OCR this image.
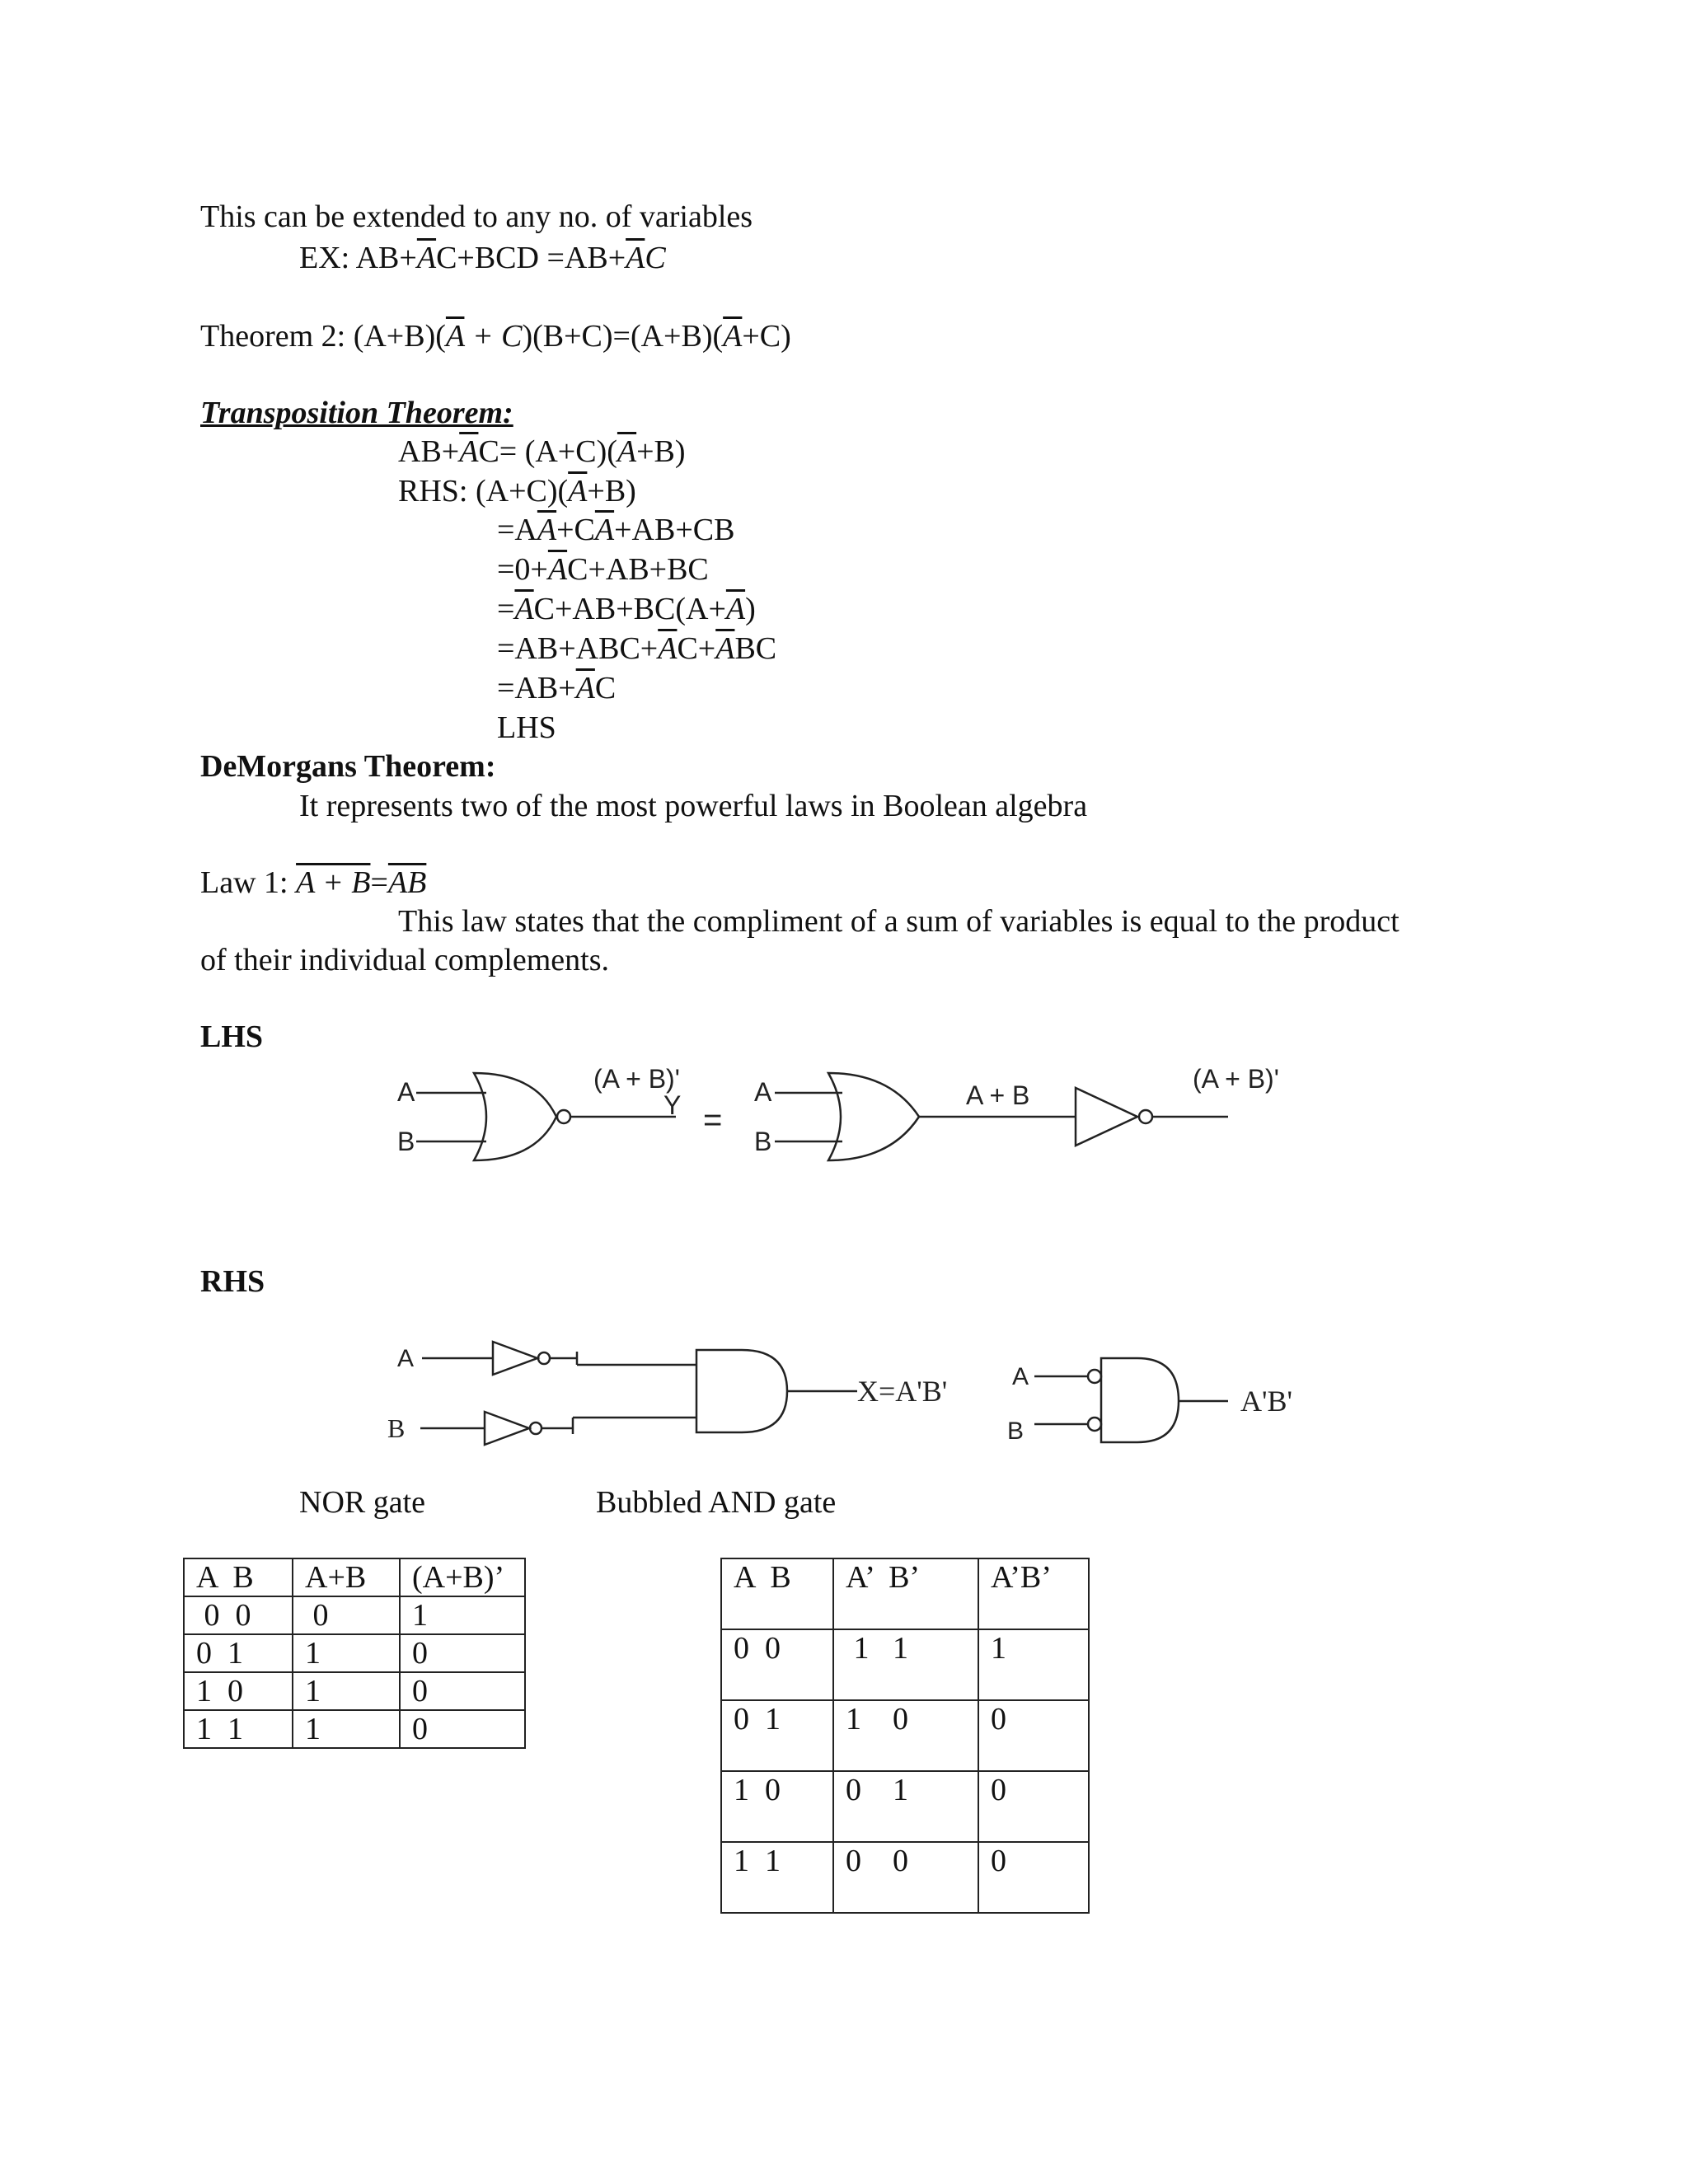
This can be extended to any no. of variables
EX: $AB+\overline{A}C+BCD =AB+\overline{A}C$
Theorem 2: $(A+B)(\overline{A} + C)(B+C)=(A+B)(\overline{A}+C)$
Transposition Theorem:
$AB+\overline{A}C= (A+C)(\overline{A}+B)$
RHS: $(A+C)(\overline{A}+B)$
$=A\overline{A}+C\overline{A}+AB+CB$
$=0+\overline{A}C+AB+BC$
$=\overline{A}C+AB+BC(A+\overline{A})$
$=AB+ABC+\overline{A}C+\overline{A}BC$
$=AB+\overline{A}C$
LHS
DeMorgans Theorem:
It represents two of the most powerful laws in Boolean algebra
Law 1: $A + B=\overline{AB}$
This law states that the compliment of a sum of variables is equal to the product
of their individual complements.
LHS
A
B
(A + B)'
Y =
A
B
A + B
(A + B)'
RHS
A
B
X=A'B'	A
B
A'B'
NOR gate	Bubbled AND gate
A  B	A+B	(A+B)’
0  0	0	1
0  1	1	0
1  0	1	0
1  1	1	0
A  B	A’  B’	A’B’
0  0	1   1	1
0  1	1    0	0
1  0	0    1	0
1  1	0    0	0
